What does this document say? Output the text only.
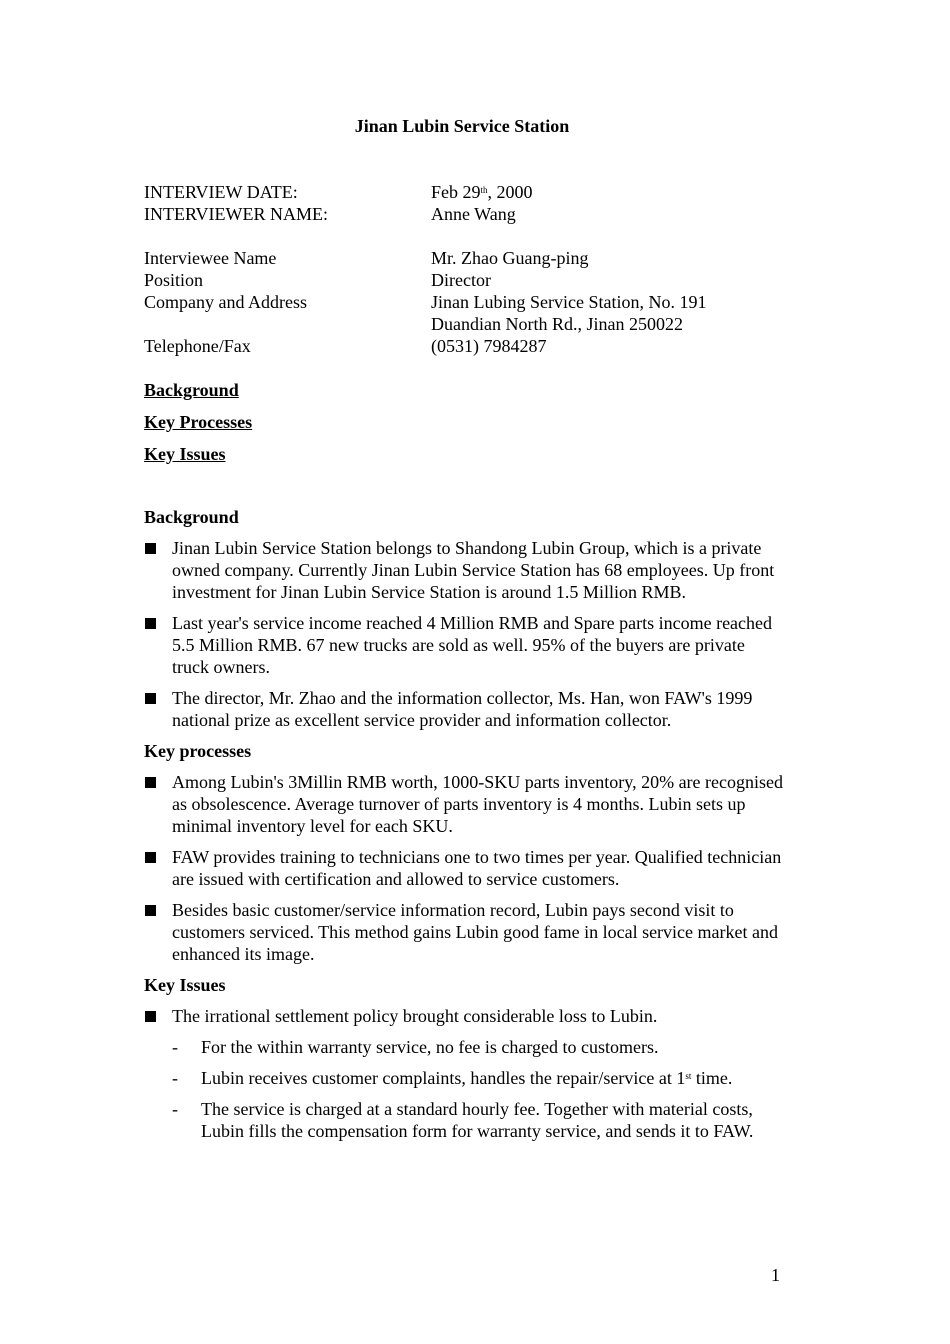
Jinan Lubin Service Station
INTERVIEW DATE:	Feb 29th, 2000
INTERVIEWER NAME:	Anne Wang
Interviewee Name	Mr. Zhao Guang-ping
Position	Director
Company and Address	Jinan Lubing Service Station, No. 191
Duandian North Rd., Jinan 250022
Telephone/Fax	(0531) 7984287
Background
Key Processes
Key Issues
Background
Jinan Lubin Service Station belongs to Shandong Lubin Group, which is a private owned company. Currently Jinan Lubin Service Station has 68 employees. Up front investment for Jinan Lubin Service Station is around 1.5 Million RMB.
Last year's service income reached 4 Million RMB and Spare parts income reached 5.5 Million RMB. 67 new trucks are sold as well. 95% of the buyers are private truck owners.
The director, Mr. Zhao and the information collector, Ms. Han, won FAW's 1999 national prize as excellent service provider and information collector.
Key processes
Among Lubin's 3Millin RMB worth, 1000-SKU parts inventory, 20% are recognised as obsolescence. Average turnover of parts inventory is 4 months. Lubin sets up minimal inventory level for each SKU.
FAW provides training to technicians one to two times per year. Qualified technician are issued with certification and allowed to service customers.
Besides basic customer/service information record, Lubin pays second visit to customers serviced. This method gains Lubin good fame in local service market and enhanced its image.
Key Issues
The irrational settlement policy brought considerable loss to Lubin.
-	For the within warranty service, no fee is charged to customers.
-	Lubin receives customer complaints, handles the repair/service at 1st time.
-	The service is charged at a standard hourly fee. Together with material costs, Lubin fills the compensation form for warranty service, and sends it to FAW.
1
